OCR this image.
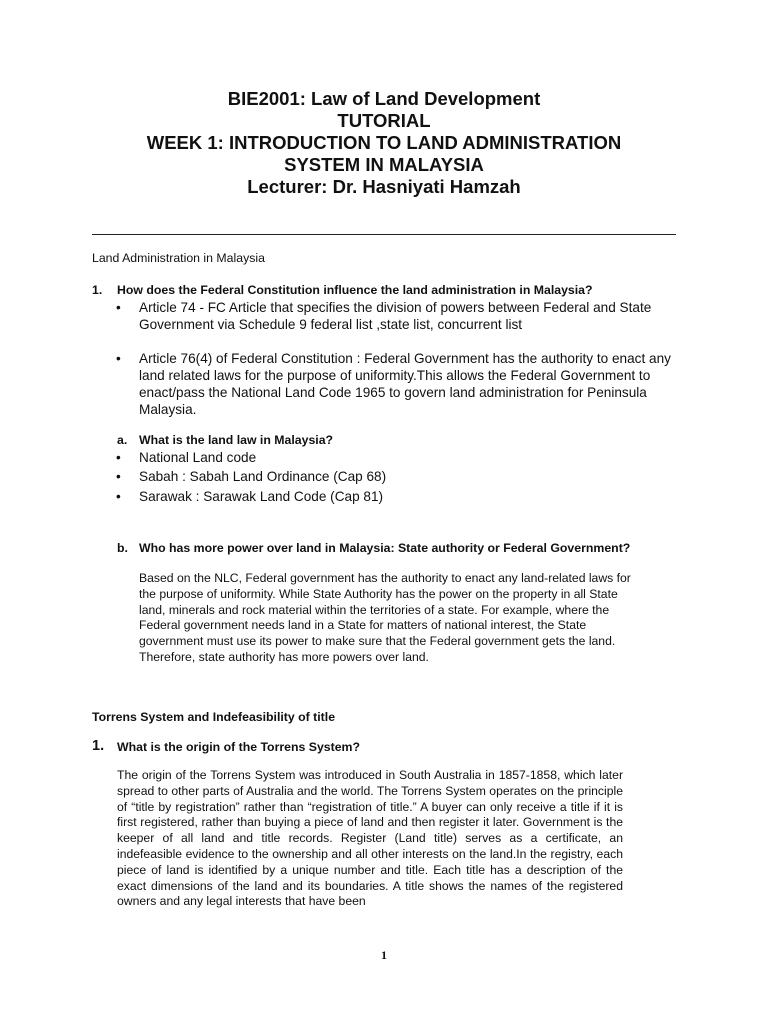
BIE2001: Law of Land Development
TUTORIAL
WEEK 1: INTRODUCTION TO LAND ADMINISTRATION
SYSTEM IN MALAYSIA
Lecturer: Dr. Hasniyati Hamzah
Land Administration in Malaysia
1. How does the Federal Constitution influence the land administration in Malaysia?
• Article 74 - FC Article that specifies the division of powers between Federal and State Government via Schedule 9 federal list ,state list, concurrent list
• Article 76(4) of Federal Constitution : Federal Government has the authority to enact any land related laws for the purpose of uniformity.This allows the Federal Government to enact/pass the National Land Code 1965 to govern land administration for Peninsula Malaysia.
a. What is the land law in Malaysia?
• National Land code
• Sabah : Sabah Land Ordinance (Cap 68)
• Sarawak : Sarawak Land Code (Cap 81)
b. Who has more power over land in Malaysia: State authority or Federal Government?
Based on the NLC, Federal government has the authority to enact any land-related laws for the purpose of uniformity. While State Authority has the power on the property in all State land, minerals and rock material within the territories of a state. For example, where the Federal government needs land in a State for matters of national interest, the State government must use its power to make sure that the Federal government gets the land. Therefore, state authority has more powers over land.
Torrens System and Indefeasibility of title
1. What is the origin of the Torrens System?
The origin of the Torrens System was introduced in South Australia in 1857-1858, which later spread to other parts of Australia and the world. The Torrens System operates on the principle of “title by registration” rather than “registration of title.” A buyer can only receive a title if it is first registered, rather than buying a piece of land and then register it later. Government is the keeper of all land and title records. Register (Land title) serves as a certificate, an indefeasible evidence to the ownership and all other interests on the land.In the registry, each piece of land is identified by a unique number and title. Each title has a description of the exact dimensions of the land and its boundaries. A title shows the names of the registered owners and any legal interests that have been
1
